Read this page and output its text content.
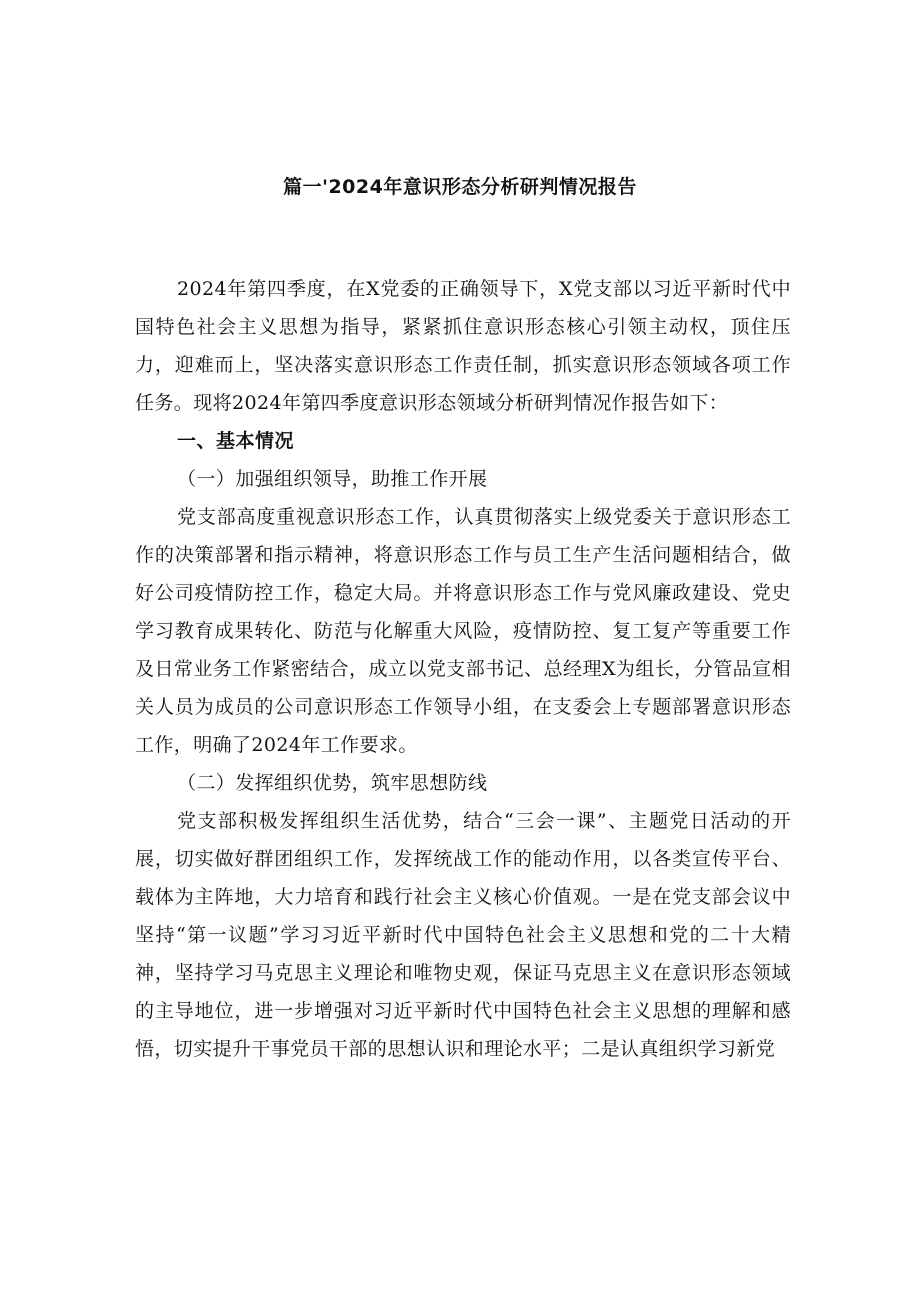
篇一'2024年意识形态分析研判情况报告

2024年第四季度，在X党委的正确领导下，X党支部以习近平新时代中国特色社会主义思想为指导，紧紧抓住意识形态核心引领主动权，顶住压力，迎难而上，坚决落实意识形态工作责任制，抓实意识形态领域各项工作任务。现将2024年第四季度意识形态领域分析研判情况作报告如下：

一、基本情况

（一）加强组织领导，助推工作开展

党支部高度重视意识形态工作，认真贯彻落实上级党委关于意识形态工作的决策部署和指示精神，将意识形态工作与员工生产生活问题相结合，做好公司疫情防控工作，稳定大局。并将意识形态工作与党风廉政建设、党史学习教育成果转化、防范与化解重大风险，疫情防控、复工复产等重要工作及日常业务工作紧密结合，成立以党支部书记、总经理X为组长，分管品宣相关人员为成员的公司意识形态工作领导小组，在支委会上专题部署意识形态工作，明确了2024年工作要求。

（二）发挥组织优势，筑牢思想防线

党支部积极发挥组织生活优势，结合“三会一课”、主题党日活动的开展，切实做好群团组织工作，发挥统战工作的能动作用，以各类宣传平台、载体为主阵地，大力培育和践行社会主义核心价值观。一是在党支部会议中坚持“第一议题”学习习近平新时代中国特色社会主义思想和党的二十大精神，坚持学习马克思主义理论和唯物史观，保证马克思主义在意识形态领域的主导地位，进一步增强对习近平新时代中国特色社会主义思想的理解和感悟，切实提升干事党员干部的思想认识和理论水平；二是认真组织学习新党
